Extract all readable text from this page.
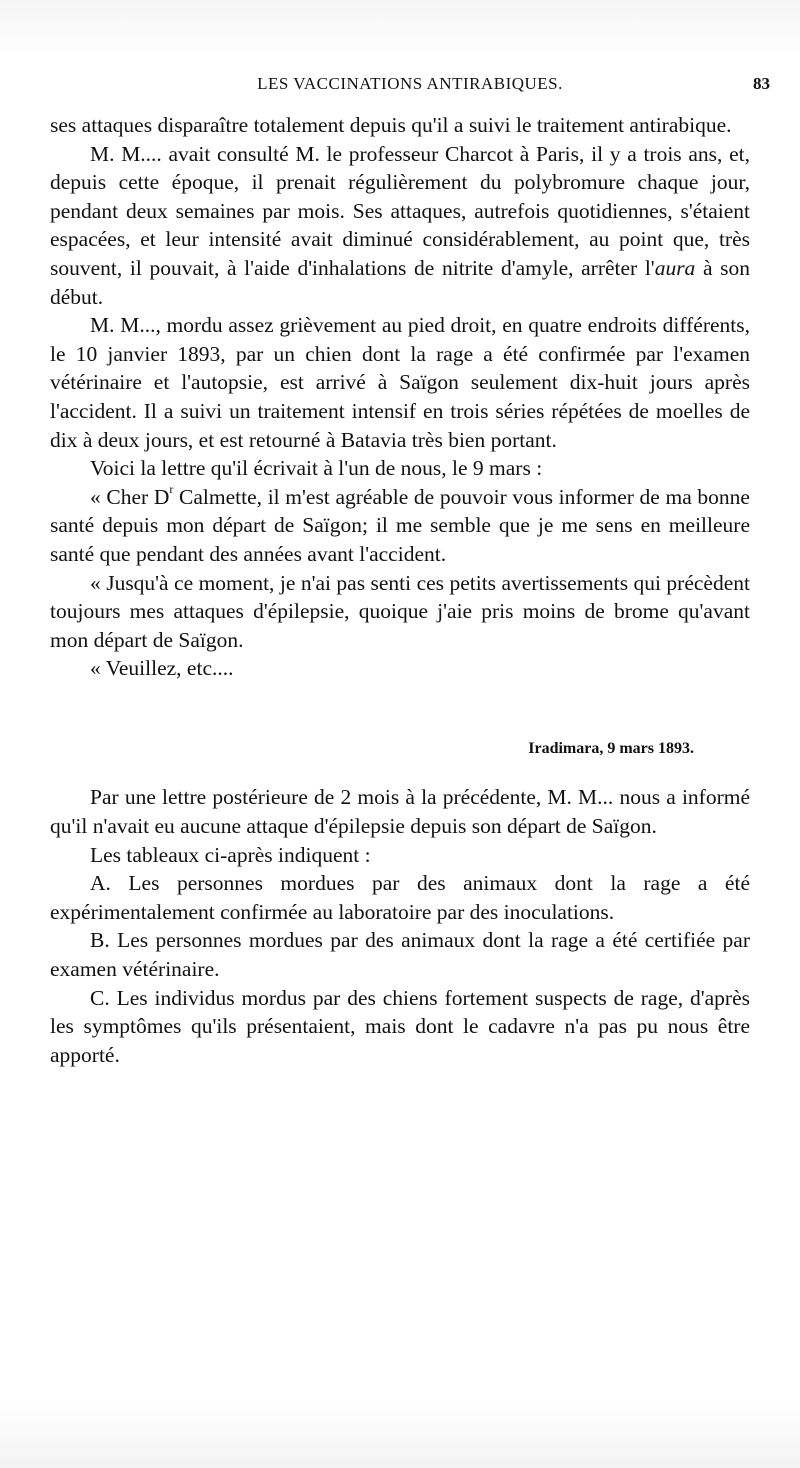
LES VACCINATIONS ANTIRABIQUES.	83

ses attaques disparaître totalement depuis qu'il a suivi le traitement antirabique.

M. M.... avait consulté M. le professeur Charcot à Paris, il y a trois ans, et, depuis cette époque, il prenait régulièrement du polybromure chaque jour, pendant deux semaines par mois. Ses attaques, autrefois quotidiennes, s'étaient espacées, et leur intensité avait diminué considérablement, au point que, très souvent, il pouvait, à l'aide d'inhalations de nitrite d'amyle, arrêter l'aura à son début.

M. M..., mordu assez grièvement au pied droit, en quatre endroits différents, le 10 janvier 1893, par un chien dont la rage a été confirmée par l'examen vétérinaire et l'autopsie, est arrivé à Saïgon seulement dix-huit jours après l'accident. Il a suivi un traitement intensif en trois séries répétées de moelles de dix à deux jours, et est retourné à Batavia très bien portant.

Voici la lettre qu'il écrivait à l'un de nous, le 9 mars :

« Cher $D^r$ Calmette, il m'est agréable de pouvoir vous informer de ma bonne santé depuis mon départ de Saïgon; il me semble que je me sens en meilleure santé que pendant des années avant l'accident.

« Jusqu'à ce moment, je n'ai pas senti ces petits avertissements qui précèdent toujours mes attaques d'épilepsie, quoique j'aie pris moins de brome qu'avant mon départ de Saïgon.

« Veuillez, etc....

Iradimara, 9 mars 1893.

Par une lettre postérieure de 2 mois à la précédente, M. M... nous a informé qu'il n'avait eu aucune attaque d'épilepsie depuis son départ de Saïgon.

Les tableaux ci-après indiquent :

A. Les personnes mordues par des animaux dont la rage a été expérimentalement confirmée au laboratoire par des inoculations.

B. Les personnes mordues par des animaux dont la rage a été certifiée par examen vétérinaire.

C. Les individus mordus par des chiens fortement suspects de rage, d'après les symptômes qu'ils présentaient, mais dont le cadavre n'a pas pu nous être apporté.
